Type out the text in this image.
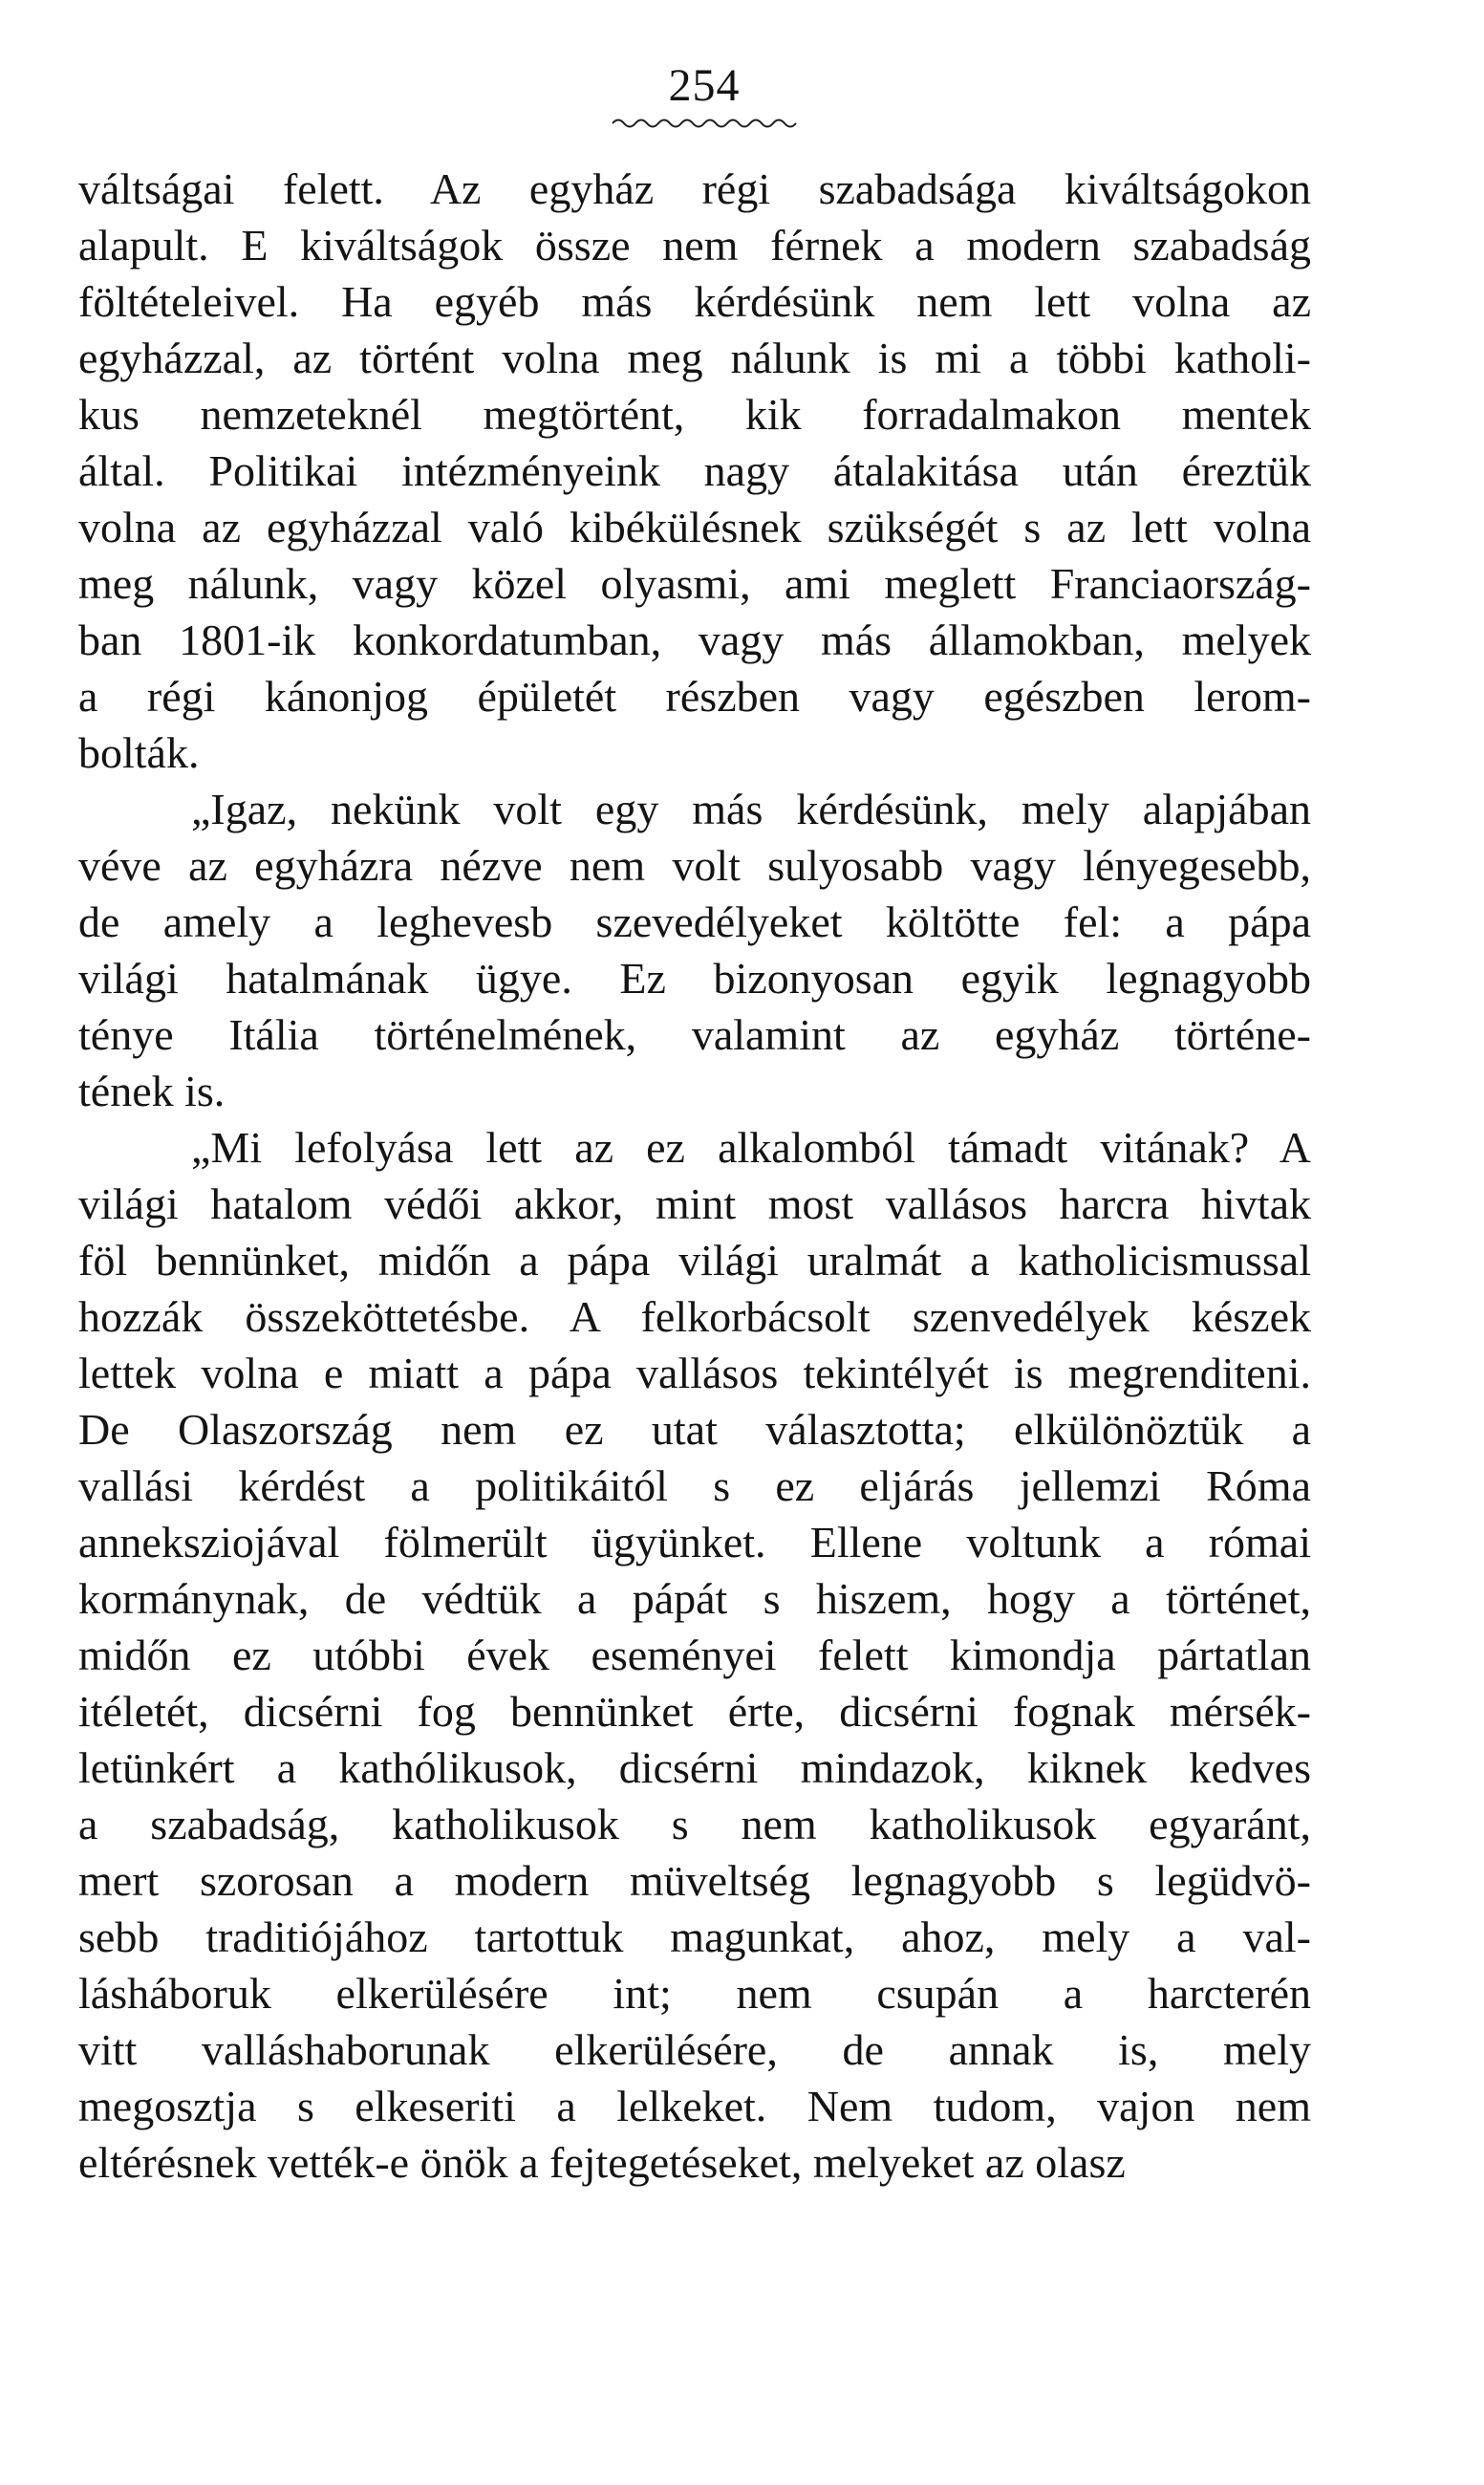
254
váltságai felett. Az egyház régi szabadsága kiváltságokon
alapult. E kiváltságok össze nem férnek a modern szabadság
föltételeivel. Ha egyéb más kérdésünk nem lett volna az
egyházzal, az történt volna meg nálunk is mi a többi katholi-
kus nemzeteknél megtörtént, kik forradalmakon mentek
által. Politikai intézményeink nagy átalakitása után éreztük
volna az egyházzal való kibékülésnek szükségét s az lett volna
meg nálunk, vagy közel olyasmi, ami meglett Franciaország-
ban 1801-ik konkordatumban, vagy más államokban, melyek
a régi kánonjog épületét részben vagy egészben lerom-
bolták.
„Igaz, nekünk volt egy más kérdésünk, mely alapjában
véve az egyházra nézve nem volt sulyosabb vagy lényegesebb,
de amely a leghevesb szevedélyeket költötte fel: a pápa
világi hatalmának ügye. Ez bizonyosan egyik legnagyobb
ténye Itália történelmének, valamint az egyház történe-
tének is.
„Mi lefolyása lett az ez alkalomból támadt vitának? A
világi hatalom védői akkor, mint most vallásos harcra hivtak
föl bennünket, midőn a pápa világi uralmát a katholicismussal
hozzák összeköttetésbe. A felkorbácsolt szenvedélyek készek
lettek volna e miatt a pápa vallásos tekintélyét is megrenditeni.
De Olaszország nem ez utat választotta; elkülönöztük a
vallási kérdést a politikáitól s ez eljárás jellemzi Róma
anneksziojával fölmerült ügyünket. Ellene voltunk a római
kormánynak, de védtük a pápát s hiszem, hogy a történet,
midőn ez utóbbi évek eseményei felett kimondja pártatlan
itéletét, dicsérni fog bennünket érte, dicsérni fognak mérsék-
letünkért a kathólikusok, dicsérni mindazok, kiknek kedves
a szabadság, katholikusok s nem katholikusok egyaránt,
mert szorosan a modern müveltség legnagyobb s legüdvö-
sebb traditiójához tartottuk magunkat, ahoz, mely a val-
lásháboruk elkerülésére int; nem csupán a harcterén
vitt valláshaborunak elkerülésére, de annak is, mely
megosztja s elkeseriti a lelkeket. Nem tudom, vajon nem
eltérésnek vették-e önök a fejtegetéseket, melyeket az olasz
